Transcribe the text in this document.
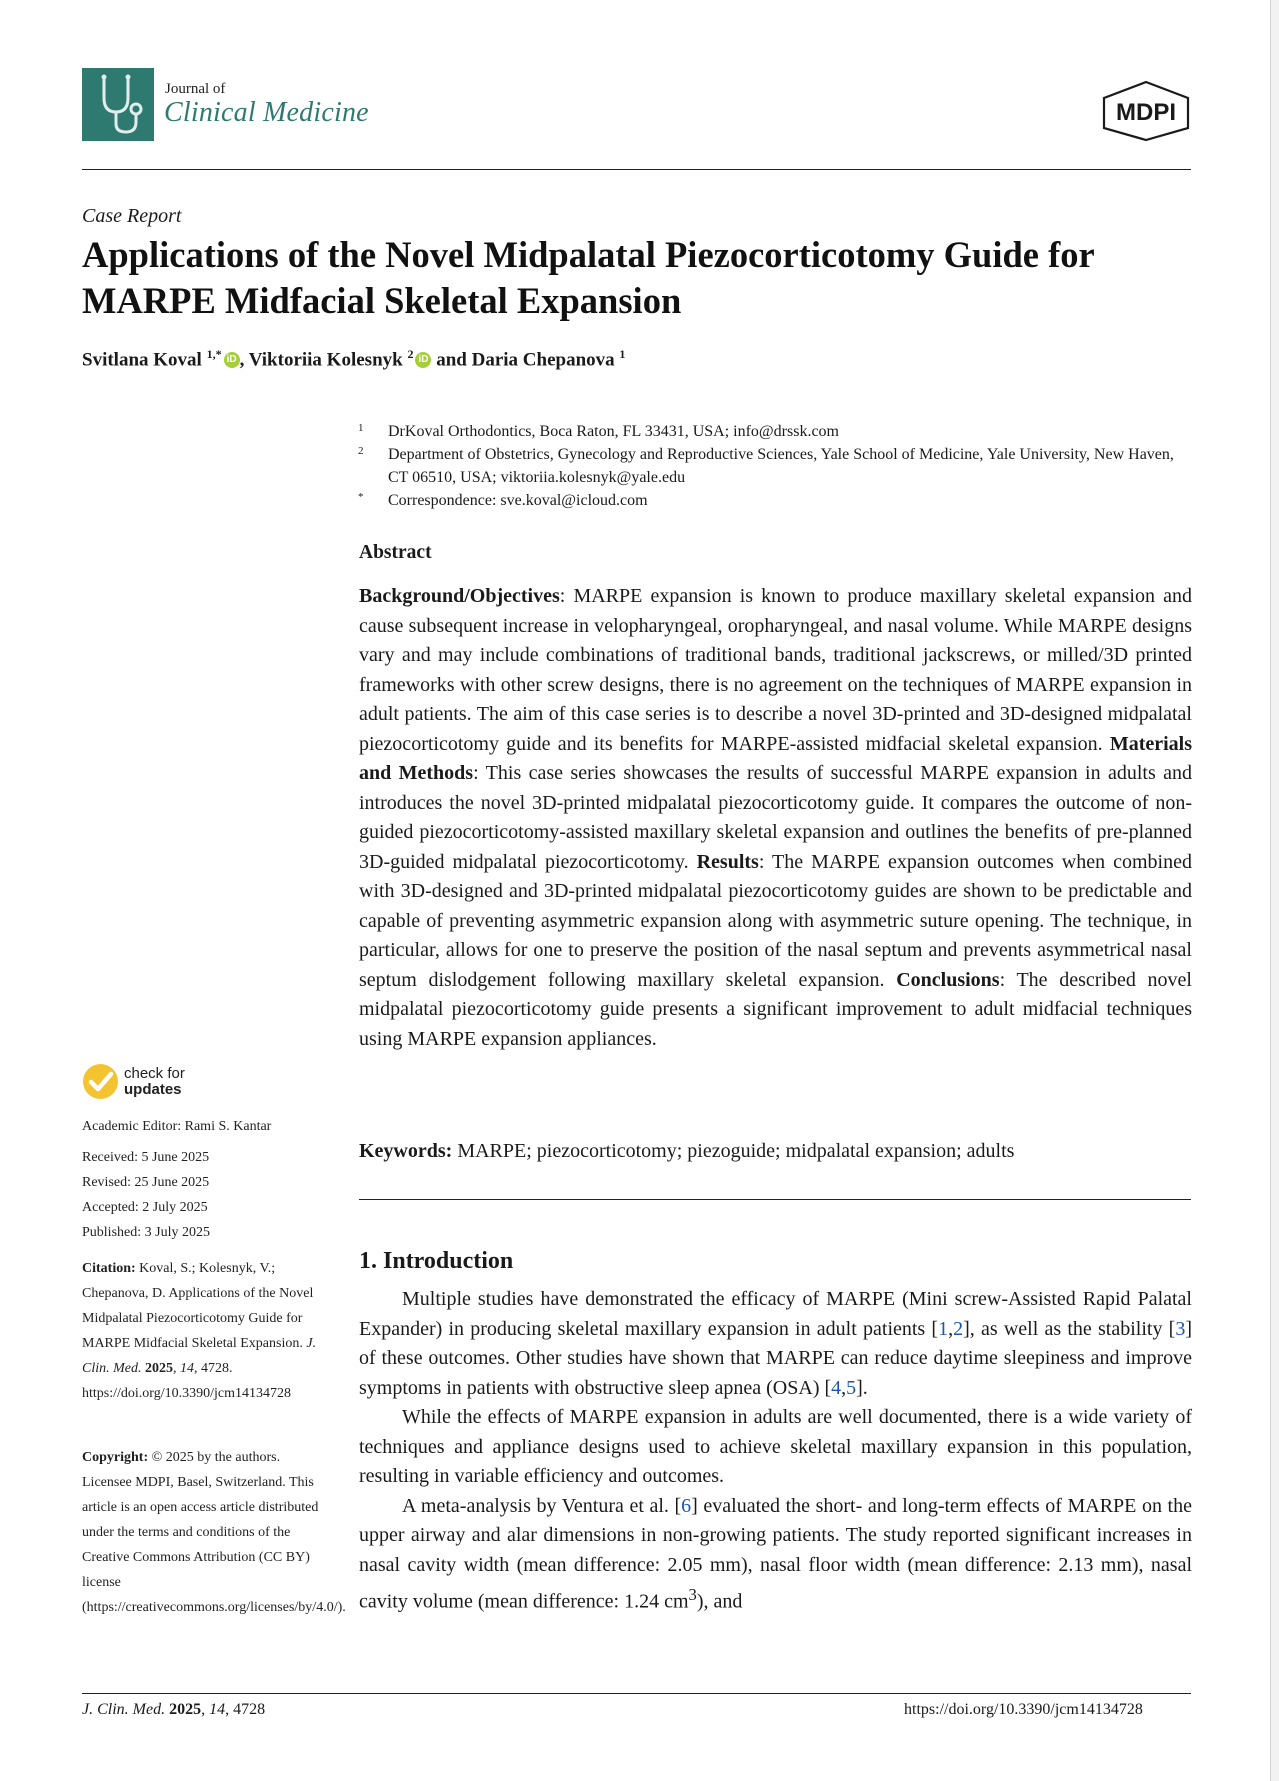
Journal of
Clinical Medicine	MDPI
Case Report
Applications of the Novel Midpalatal Piezocorticotomy Guide for MARPE Midfacial Skeletal Expansion
Svitlana Koval $^{1,*}$ iD , Viktoriia Kolesnyk $^2$ iD and Daria Chepanova $^1$
1 DrKoval Orthodontics, Boca Raton, FL 33431, USA; info@drssk.com
2 Department of Obstetrics, Gynecology and Reproductive Sciences, Yale School of Medicine, Yale University, New Haven, CT 06510, USA; viktoriia.kolesnyk@yale.edu
* Correspondence: sve.koval@icloud.com
Abstract
Background/Objectives: MARPE expansion is known to produce maxillary skeletal expansion and cause subsequent increase in velopharyngeal, oropharyngeal, and nasal volume. While MARPE designs vary and may include combinations of traditional bands, traditional jackscrews, or milled/3D printed frameworks with other screw designs, there is no agreement on the techniques of MARPE expansion in adult patients. The aim of this case series is to describe a novel 3D-printed and 3D-designed midpalatal piezocorticotomy guide and its benefits for MARPE-assisted midfacial skeletal expansion. Materials and Methods: This case series showcases the results of successful MARPE expansion in adults and introduces the novel 3D-printed midpalatal piezocorticotomy guide. It compares the outcome of non-guided piezocorticotomy-assisted maxillary skeletal expansion and outlines the benefits of pre-planned 3D-guided midpalatal piezocorticotomy. Results: The MARPE expansion outcomes when combined with 3D-designed and 3D-printed midpalatal piezocorticotomy guides are shown to be predictable and capable of preventing asymmetric expansion along with asymmetric suture opening. The technique, in particular, allows for one to preserve the position of the nasal septum and prevents asymmetrical nasal septum dislodgement following maxillary skeletal expansion. Conclusions: The described novel midpalatal piezocorticotomy guide presents a significant improvement to adult midfacial techniques using MARPE expansion appliances.
Keywords: MARPE; piezocorticotomy; piezoguide; midpalatal expansion; adults
1. Introduction

Multiple studies have demonstrated the efficacy of MARPE (Mini screw-Assisted Rapid Palatal Expander) in producing skeletal maxillary expansion in adult patients [1,2], as well as the stability [3] of these outcomes. Other studies have shown that MARPE can reduce daytime sleepiness and improve symptoms in patients with obstructive sleep apnea (OSA) [4,5].

While the effects of MARPE expansion in adults are well documented, there is a wide variety of techniques and appliance designs used to achieve skeletal maxillary expansion in this population, resulting in variable efficiency and outcomes.

A meta-analysis by Ventura et al. [6] evaluated the short- and long-term effects of MARPE on the upper airway and alar dimensions in non-growing patients. The study reported significant increases in nasal cavity width (mean difference: 2.05 mm), nasal floor width (mean difference: 2.13 mm), nasal cavity volume (mean difference: 1.24 $cm^3$), and

check for
updates
Academic Editor: Rami S. Kantar
Received: 5 June 2025
Revised: 25 June 2025
Accepted: 2 July 2025
Published: 3 July 2025
Citation: Koval, S.; Kolesnyk, V.; Chepanova, D. Applications of the Novel Midpalatal Piezocorticotomy Guide for MARPE Midfacial Skeletal Expansion. J. Clin. Med. 2025, 14, 4728. https://doi.org/10.3390/jcm14134728
Copyright: © 2025 by the authors. Licensee MDPI, Basel, Switzerland. This article is an open access article distributed under the terms and conditions of the Creative Commons Attribution (CC BY) license (https://creativecommons.org/licenses/by/4.0/).
J. Clin. Med. 2025, 14, 4728	https://doi.org/10.3390/jcm14134728
